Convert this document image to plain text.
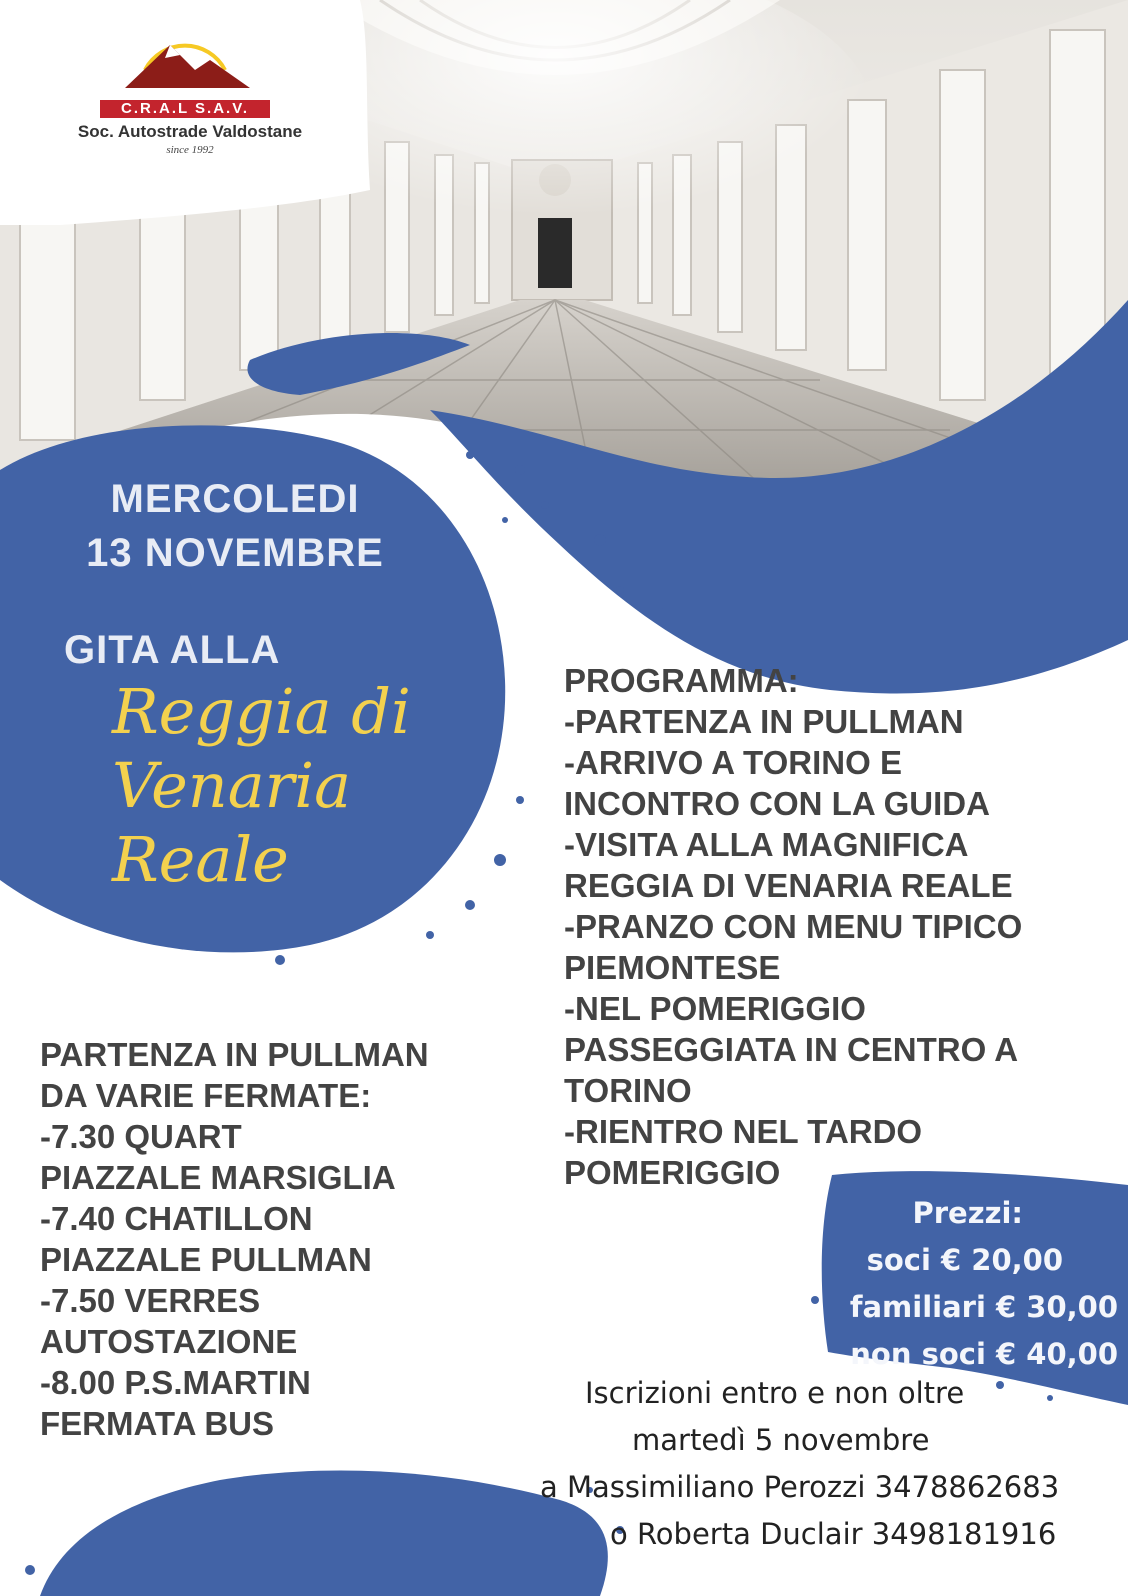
C.R.A.L S.A.V.
Soc. Autostrade Valdostane
since 1992
MERCOLEDI
13 NOVEMBRE
GITA ALLA
Reggia di
Venaria
Reale
PROGRAMMA:
-PARTENZA IN PULLMAN
-ARRIVO A TORINO E
INCONTRO CON LA GUIDA
-VISITA ALLA MAGNIFICA
REGGIA DI VENARIA REALE
-PRANZO CON MENU TIPICO
PIEMONTESE
-NEL POMERIGGIO
PASSEGGIATA IN CENTRO A
TORINO
-RIENTRO NEL TARDO
POMERIGGIO
PARTENZA IN PULLMAN
DA VARIE FERMATE:
-7.30 QUART
PIAZZALE MARSIGLIA
-7.40 CHATILLON
PIAZZALE PULLMAN
-7.50 VERRES
AUTOSTAZIONE
-8.00 P.S.MARTIN
FERMATA BUS
Prezzi:
soci € 20,00
familiari € 30,00
non soci € 40,00
Iscrizioni entro e non oltre
martedì 5 novembre
a Massimiliano Perozzi 3478862683
o Roberta Duclair 3498181916
